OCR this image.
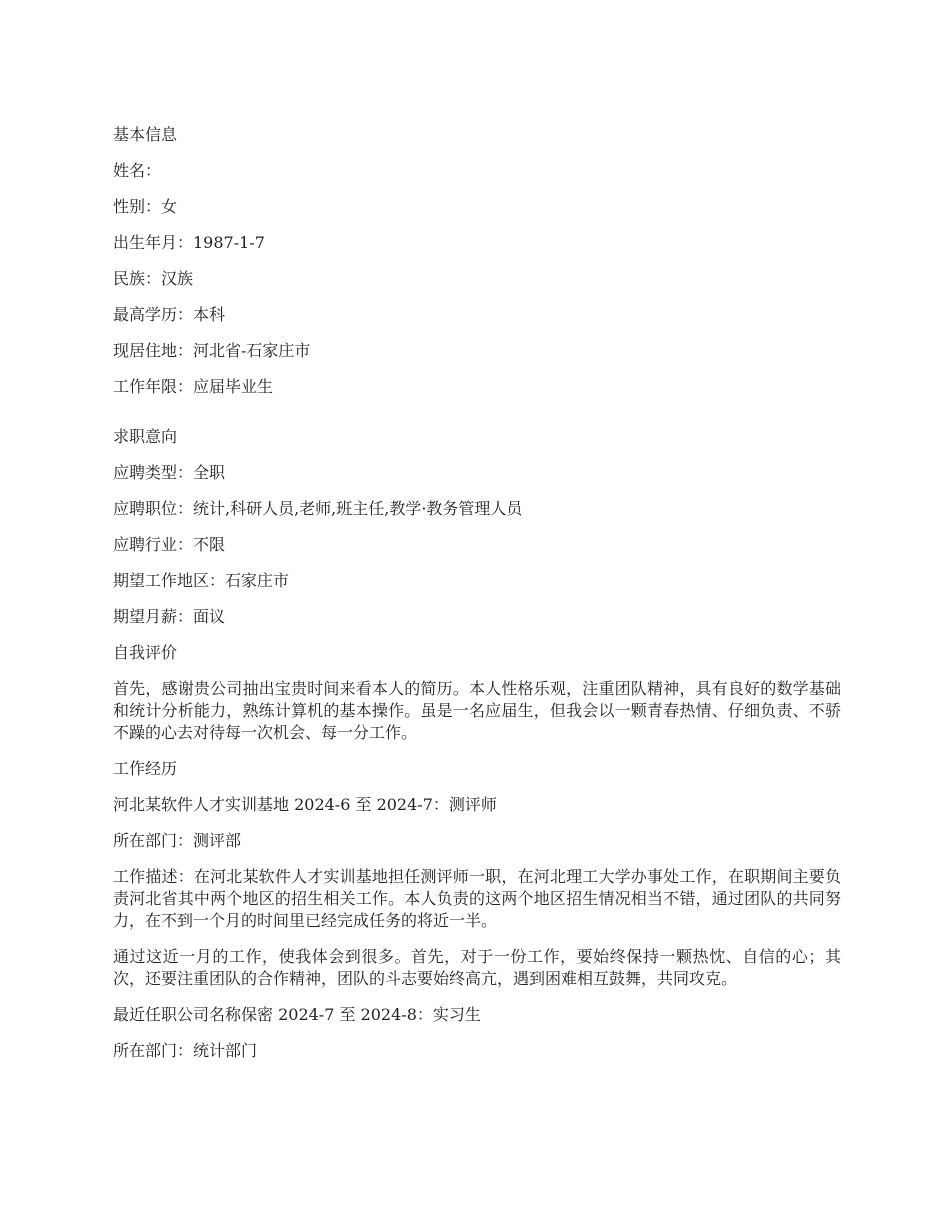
基本信息
姓名：
性别：女
出生年月：1987-1-7
民族：汉族
最高学历：本科
现居住地：河北省-石家庄市
工作年限：应届毕业生
求职意向
应聘类型：全职
应聘职位：统计,科研人员,老师,班主任,教学·教务管理人员
应聘行业：不限
期望工作地区：石家庄市
期望月薪：面议
自我评价
首先，感谢贵公司抽出宝贵时间来看本人的简历。本人性格乐观，注重团队精神，具有良好的数学基础和统计分析能力，熟练计算机的基本操作。虽是一名应届生，但我会以一颗青春热情、仔细负责、不骄不躁的心去对待每一次机会、每一分工作。
工作经历
河北某软件人才实训基地 2024-6 至 2024-7：测评师
所在部门：测评部
工作描述：在河北某软件人才实训基地担任测评师一职，在河北理工大学办事处工作，在职期间主要负责河北省其中两个地区的招生相关工作。本人负责的这两个地区招生情况相当不错，通过团队的共同努力，在不到一个月的时间里已经完成任务的将近一半。
通过这近一月的工作，使我体会到很多。首先，对于一份工作，要始终保持一颗热忱、自信的心；其次，还要注重团队的合作精神，团队的斗志要始终高亢，遇到困难相互鼓舞，共同攻克。
最近任职公司名称保密 2024-7 至 2024-8：实习生
所在部门：统计部门
